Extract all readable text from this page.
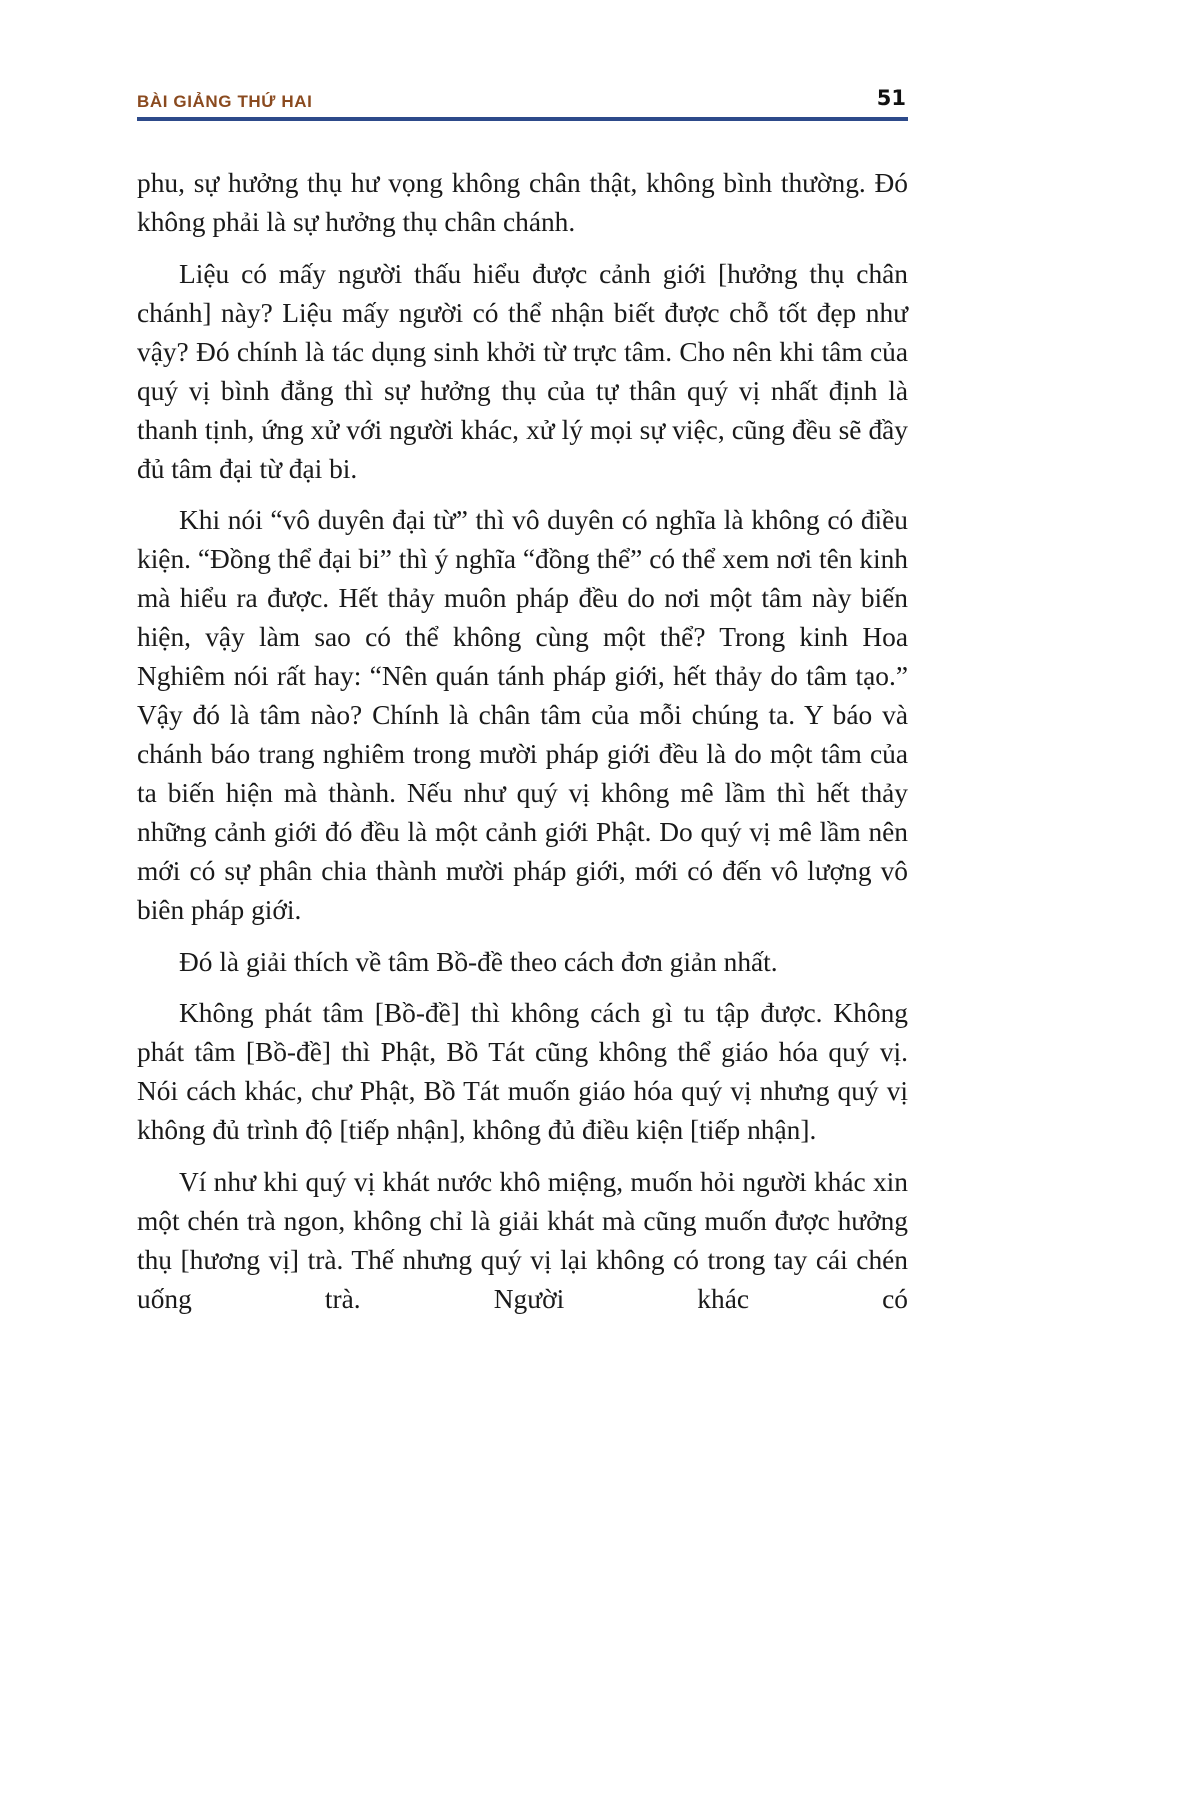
BÀI GIẢNG THỨ HAI	51

phu, sự hưởng thụ hư vọng không chân thật, không bình thường. Đó không phải là sự hưởng thụ chân chánh.

Liệu có mấy người thấu hiểu được cảnh giới [hưởng thụ chân chánh] này? Liệu mấy người có thể nhận biết được chỗ tốt đẹp như vậy? Đó chính là tác dụng sinh khởi từ trực tâm. Cho nên khi tâm của quý vị bình đẳng thì sự hưởng thụ của tự thân quý vị nhất định là thanh tịnh, ứng xử với người khác, xử lý mọi sự việc, cũng đều sẽ đầy đủ tâm đại từ đại bi.

Khi nói “vô duyên đại từ” thì vô duyên có nghĩa là không có điều kiện. “Đồng thể đại bi” thì ý nghĩa “đồng thể” có thể xem nơi tên kinh mà hiểu ra được. Hết thảy muôn pháp đều do nơi một tâm này biến hiện, vậy làm sao có thể không cùng một thể? Trong kinh Hoa Nghiêm nói rất hay: “Nên quán tánh pháp giới, hết thảy do tâm tạo.” Vậy đó là tâm nào? Chính là chân tâm của mỗi chúng ta. Y báo và chánh báo trang nghiêm trong mười pháp giới đều là do một tâm của ta biến hiện mà thành. Nếu như quý vị không mê lầm thì hết thảy những cảnh giới đó đều là một cảnh giới Phật. Do quý vị mê lầm nên mới có sự phân chia thành mười pháp giới, mới có đến vô lượng vô biên pháp giới.

Đó là giải thích về tâm Bồ-đề theo cách đơn giản nhất.

Không phát tâm [Bồ-đề] thì không cách gì tu tập được. Không phát tâm [Bồ-đề] thì Phật, Bồ Tát cũng không thể giáo hóa quý vị. Nói cách khác, chư Phật, Bồ Tát muốn giáo hóa quý vị nhưng quý vị không đủ trình độ [tiếp nhận], không đủ điều kiện [tiếp nhận].

Ví như khi quý vị khát nước khô miệng, muốn hỏi người khác xin một chén trà ngon, không chỉ là giải khát mà cũng muốn được hưởng thụ [hương vị] trà. Thế nhưng quý vị lại không có trong tay cái chén uống trà. Người khác có
